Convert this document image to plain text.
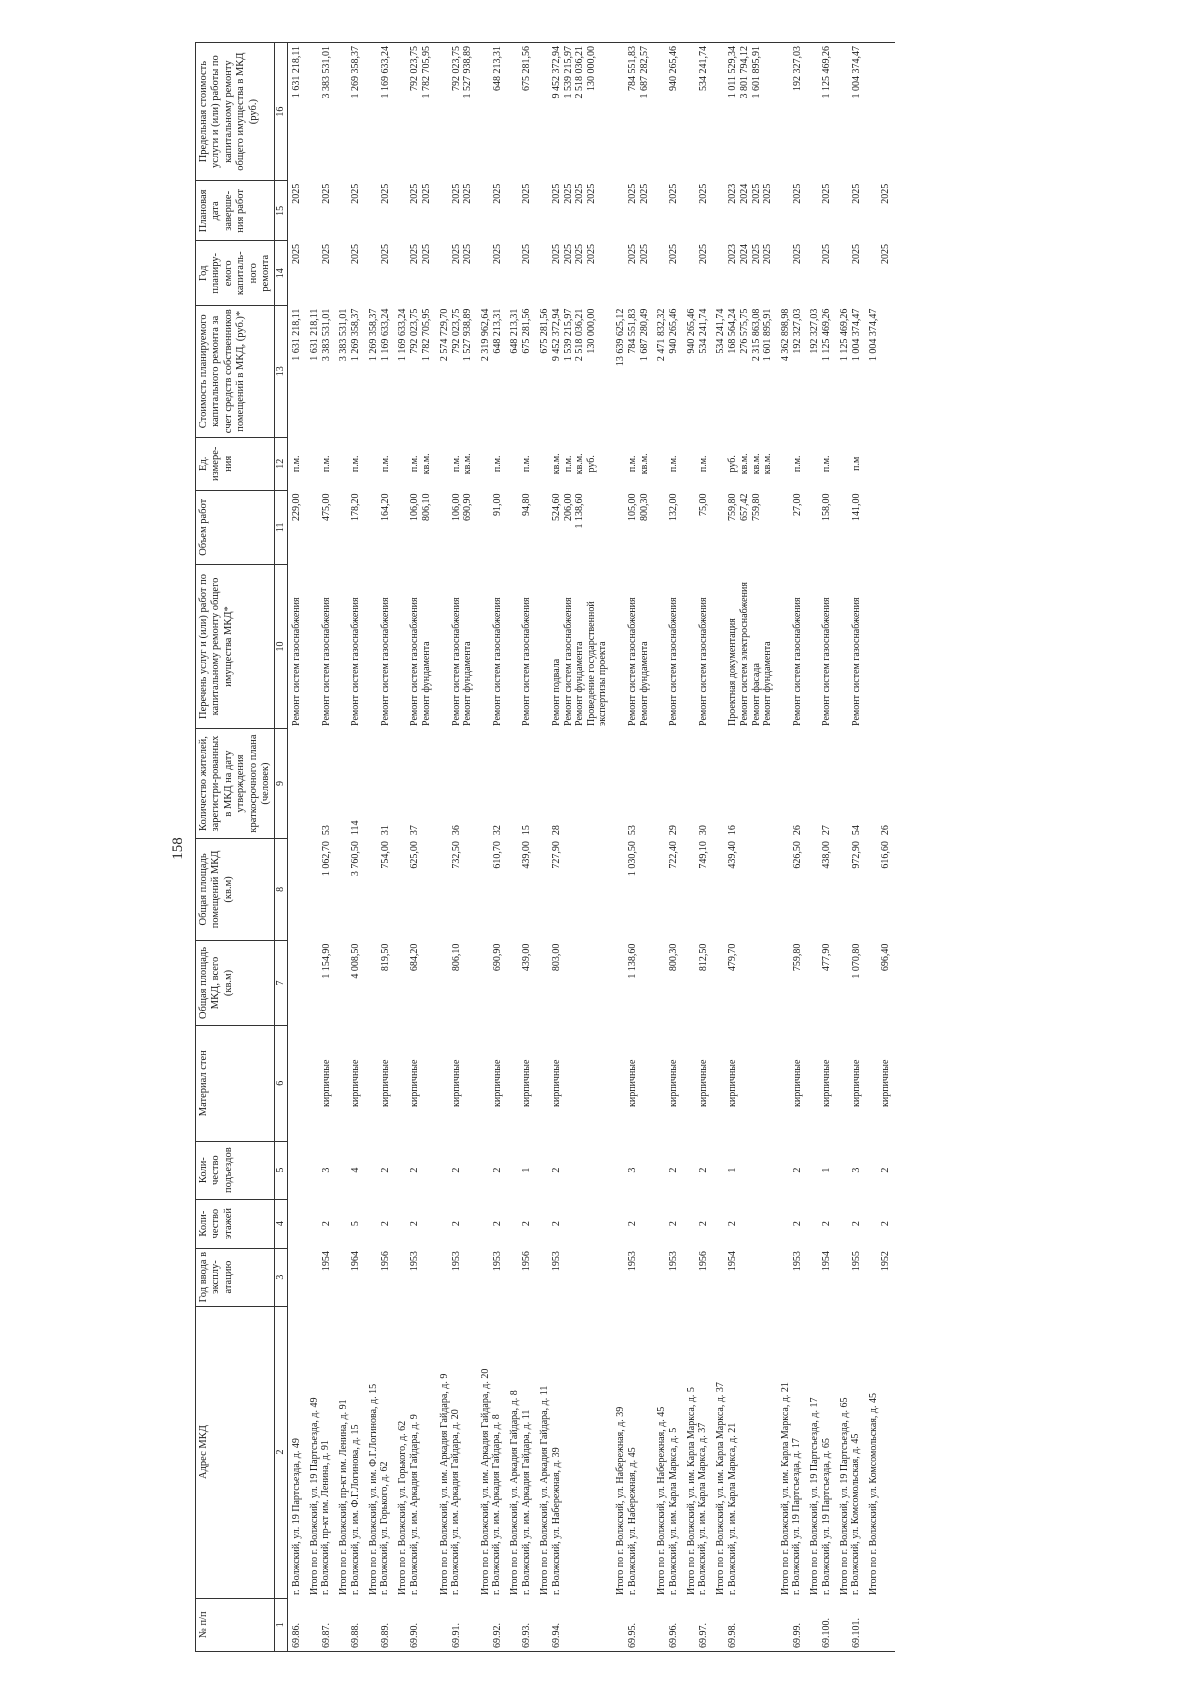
158
№ п/п	Адрес МКД	Год ввода в эксплу-атацию	Коли-чество этажей	Коли-чество подъездов	Материал стен	Общая площадь МКД, всего (кв.м)	Общая площадь помещений МКД (кв.м)	Количество жителей, зарегистри-рованных в МКД на дату утверждения краткосрочного плана (человек)	Перечень услуг и (или) работ по капитальному ремонту общего имущества МКД*	Объем работ	Ед. измере-ния	Стоимость планируемого капитального ремонта за счет средств собственников помещений в МКД, (руб.)*	Год планиру-емого капиталь-ного ремонта	Плановая дата заверше-ния работ	Предельная стоимость услуги и (или) работы по капитальному ремонту общего имущества в МКД (руб.)
1	2	3	4	5	6	7	8	9	10	11	12	13	14	15	16
69.86.	г. Волжский, ул. 19 Партсъезда, д. 49								Ремонт систем газоснабжения	229,00	п.м.	1 631 218,11	2025	2025	1 631 218,11

69.87.	Итого по г. Волжский, ул. 19 Партсъезда, д. 49 г. Волжский, пр-кт им. Ленина, д. 91	1954	2	3	кирпичные	1 154,90	1 062,70	53	Ремонт систем газоснабжения	475,00	п.м.	1 631 218,11 3 383 531,01	2025	2025	3 383 531,01

69.88.	Итого по г. Волжский, пр-кт им. Ленина, д. 91 г. Волжский, ул. им. Ф.Г.Логинова, д. 15	1964	5	4	кирпичные	4 008,50	3 760,50	114	Ремонт систем газоснабжения	178,20	п.м.	3 383 531,01 1 269 358,37	2025	2025	1 269 358,37

69.89.	Итого по г. Волжский, ул. им. Ф.Г.Логинова, д. 15 г. Волжский, ул. Горького, д. 62	1956	2	2	кирпичные	819,50	754,00	31	Ремонт систем газоснабжения	164,20	п.м.	1 269 358,37 1 169 633,24	2025	2025	1 169 633,24

69.90.	Итого по г. Волжский, ул. Горького, д. 62 г. Волжский, ул. им. Аркадия Гайдара, д. 9	1953	2	2	кирпичные	684,20	625,00	37	Ремонт систем газоснабжения Ремонт фундамента	106,00 806,10	п.м. кв.м.	1 169 633,24 792 023,75 1 782 705,95	2025 2025	2025 2025	792 023,75 1 782 705,95

69.91.	Итого по г. Волжский, ул. им. Аркадия Гайдара, д. 9 г. Волжский, ул. им. Аркадия Гайдара, д. 20	1953	2	2	кирпичные	806,10	732,50	36	Ремонт систем газоснабжения Ремонт фундамента	106,00 690,90	п.м. кв.м.	2 574 729,70 792 023,75 1 527 938,89	2025 2025	2025 2025	792 023,75 1 527 938,89

69.92.	Итого по г. Волжский, ул. им. Аркадия Гайдара, д. 20 г. Волжский, ул. им. Аркадия Гайдара, д. 8	1953	2	2	кирпичные	690,90	610,70	32	Ремонт систем газоснабжения	91,00	п.м.	2 319 962,64 648 213,31	2025	2025	648 213,31

69.93.	Итого по г. Волжский, ул. Аркадия Гайдара, д. 8 г. Волжский, ул. им. Аркадия Гайдара, д. 11	1956	2	1	кирпичные	439,00	439,00	15	Ремонт систем газоснабжения	94,80	п.м.	648 213,31 675 281,56	2025	2025	675 281,56

69.94.	Итого по г. Волжский, ул. Аркадия Гайдара, д. 11 г. Волжский, ул. Набережная, д. 39	1953	2	2	кирпичные	803,00	727,90	28	Ремонт подвала Ремонт систем газоснабжения Ремонт фундамента Проведение государственной экспертизы проекта	524,60 206,00 1 138,60	кв.м. п.м. кв.м. руб.	675 281,56 9 452 372,94 1 539 215,97 2 518 036,21 130 000,00	2025 2025 2025 2025	2025 2025 2025 2025	9 452 372,94 1 539 215,97 2 518 036,21 130 000,00

69.95.	Итого по г. Волжский, ул. Набережная, д. 39 г. Волжский, ул. Набережная, д. 45	1953	2	3	кирпичные	1 138,60	1 030,50	53	Ремонт систем газоснабжения Ремонт фундамента	105,00 800,30	п.м. кв.м.	13 639 625,12 784 551,83 1 687 280,49	2025 2025	2025 2025	784 551,83 1 687 282,57

69.96.	Итого по г. Волжский, ул. Набережная, д. 45 г. Волжский, ул. им. Карла Маркса, д. 5	1953	2	2	кирпичные	800,30	722,40	29	Ремонт систем газоснабжения	132,00	п.м.	2 471 832,32 940 265,46	2025	2025	940 265,46

69.97.	Итого по г. Волжский, ул. им. Карла Маркса, д. 5 г. Волжский, ул. им. Карла Маркса, д. 37	1956	2	2	кирпичные	812,50	749,10	30	Ремонт систем газоснабжения	75,00	п.м.	940 265,46 534 241,74	2025	2025	534 241,74

69.98.	Итого по г. Волжский, ул. им. Карла Маркса, д. 37 г. Волжский, ул. им. Карла Маркса, д. 21	1954	2	1	кирпичные	479,70	439,40	16	Проектная документация Ремонт систем электроснабжения Ремонт фасада Ремонт фундамента	759,80 657,42 759,80	руб. кв.м. кв.м. кв.м.	534 241,74 168 564,24 276 575,75 2 315 863,08 1 601 895,91	2023 2024 2025 2025	2023 2024 2025 2025	1 011 529,34 3 801 794,12 1 601 895,91

69.99.	Итого по г. Волжский, ул. им. Карла Маркса, д. 21 г. Волжский, ул. 19 Партсъезда, д. 17	1953	2	2	кирпичные	759,80	626,50	26	Ремонт систем газоснабжения	27,00	п.м.	4 362 898,98 192 327,03	2025	2025	192 327,03

69.100.	Итого по г. Волжский, ул. 19 Партсъезда, д. 17 г. Волжский, ул. 19 Партсъезда, д. 65	1954	2	1	кирпичные	477,90	438,00	27	Ремонт систем газоснабжения	158,00	п.м.	192 327,03 1 125 469,26	2025	2025	1 125 469,26

69.101.	Итого по г. Волжский, ул. 19 Партсъезда, д. 65 г. Волжский, ул. Комсомольская, д. 45	1955	2	3	кирпичные	1 070,80	972,90	54	Ремонт систем газоснабжения	141,00	п.м	1 125 469,26 1 004 374,47	2025	2025	1 004 374,47

	Итого по г. Волжский, ул. Комсомольская, д. 45	1952	2	2	кирпичные	696,40	616,60	26				1 004 374,47	2025	2025	
